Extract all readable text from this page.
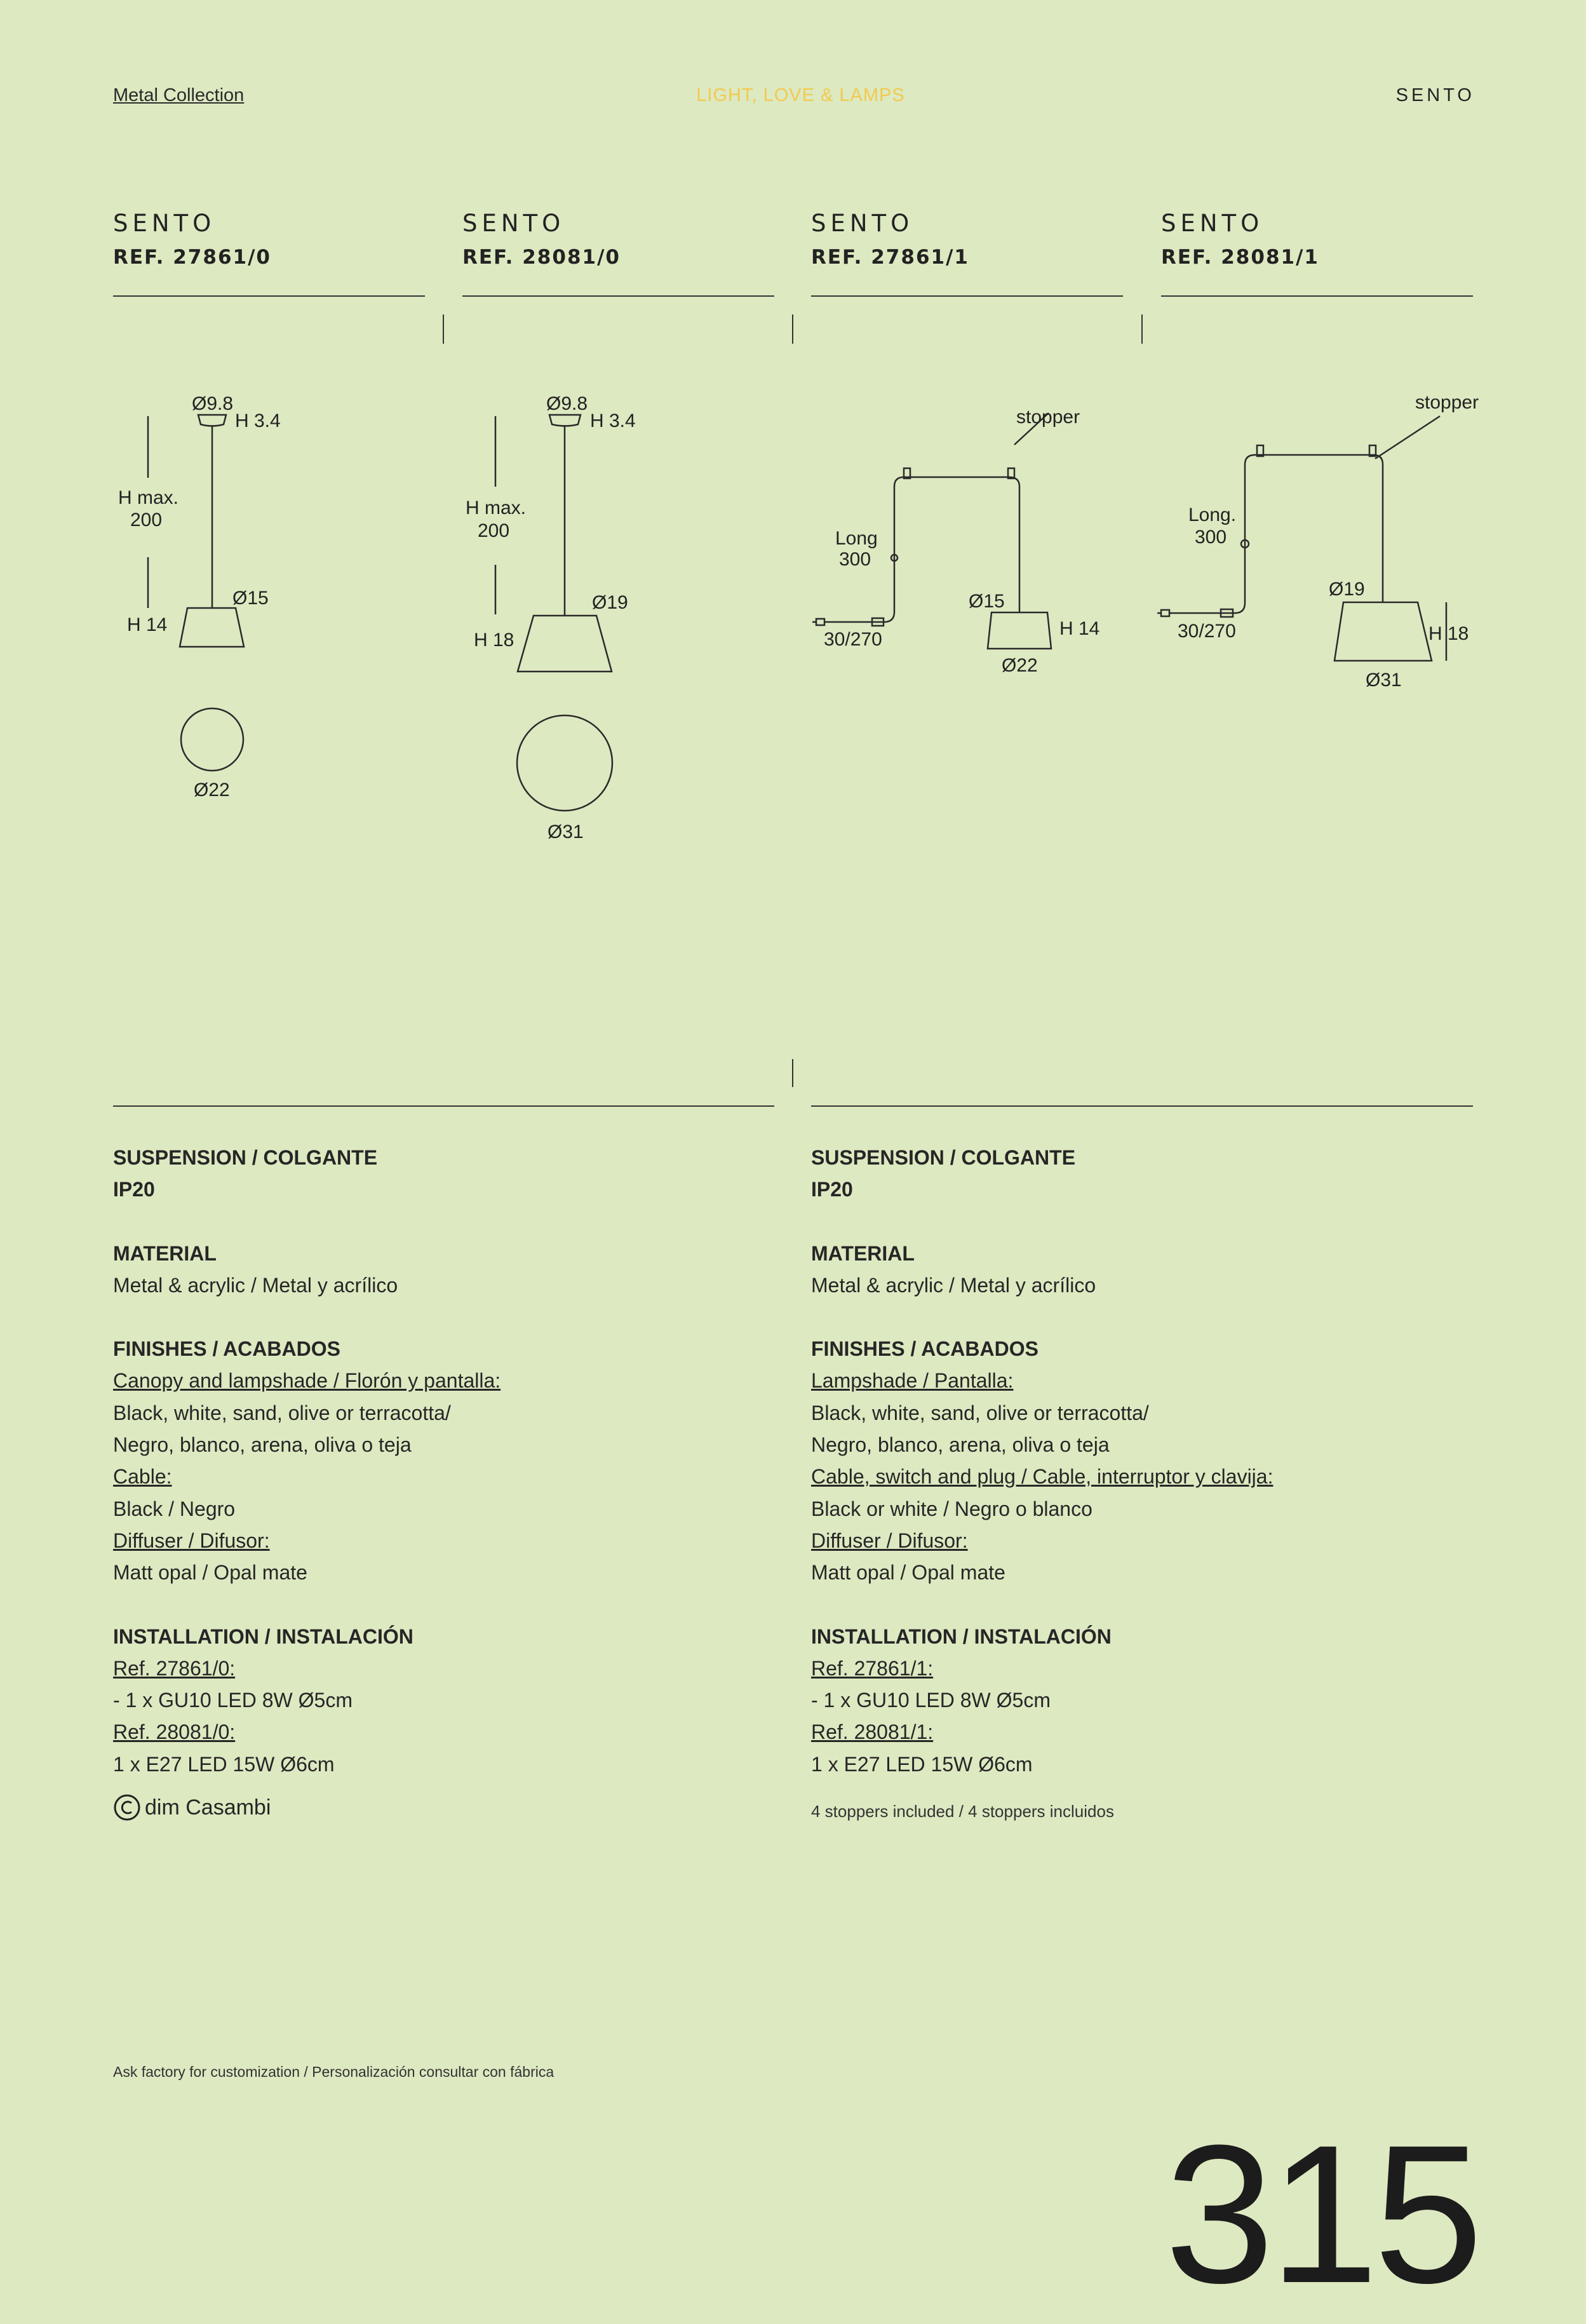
Metal Collection	LIGHT, LOVE & LAMPS	SENTO
SENTO
REF. 27861/0
SENTO
REF. 28081/0
SENTO
REF. 27861/1
SENTO
REF. 28081/1
Ø9.8
H 3.4
H max.
200
Ø15
H 14
Ø22
Ø9.8
H 3.4
H max.
200
Ø19
H 18
Ø31
stopper
Long
300
30/270
Ø15
H 14
Ø22
stopper
Long.
300
30/270
Ø19
H 18
Ø31
SUSPENSION / COLGANTE
IP20
MATERIAL
Metal & acrylic / Metal y acrílico
FINISHES / ACABADOS
Canopy and lampshade / Florón y pantalla:
Black, white, sand, olive or terracotta/
Negro, blanco, arena, oliva o teja
Cable:
Black / Negro
Diffuser / Difusor:
Matt opal / Opal mate
INSTALLATION / INSTALACIÓN
Ref. 27861/0:
- 1 x GU10 LED 8W Ø5cm
Ref. 28081/0:
1 x E27 LED 15W Ø6cm
dim Casambi
SUSPENSION / COLGANTE
IP20
MATERIAL
Metal & acrylic / Metal y acrílico
FINISHES / ACABADOS
Lampshade / Pantalla:
Black, white, sand, olive or terracotta/
Negro, blanco, arena, oliva o teja
Cable, switch and plug / Cable, interruptor y clavija:
Black or white / Negro o blanco
Diffuser / Difusor:
Matt opal / Opal mate
INSTALLATION / INSTALACIÓN
Ref. 27861/1:
- 1 x GU10 LED 8W Ø5cm
Ref. 28081/1:
1 x E27 LED 15W Ø6cm
4 stoppers included / 4 stoppers incluidos
Ask factory for customization / Personalización consultar con fábrica
315
